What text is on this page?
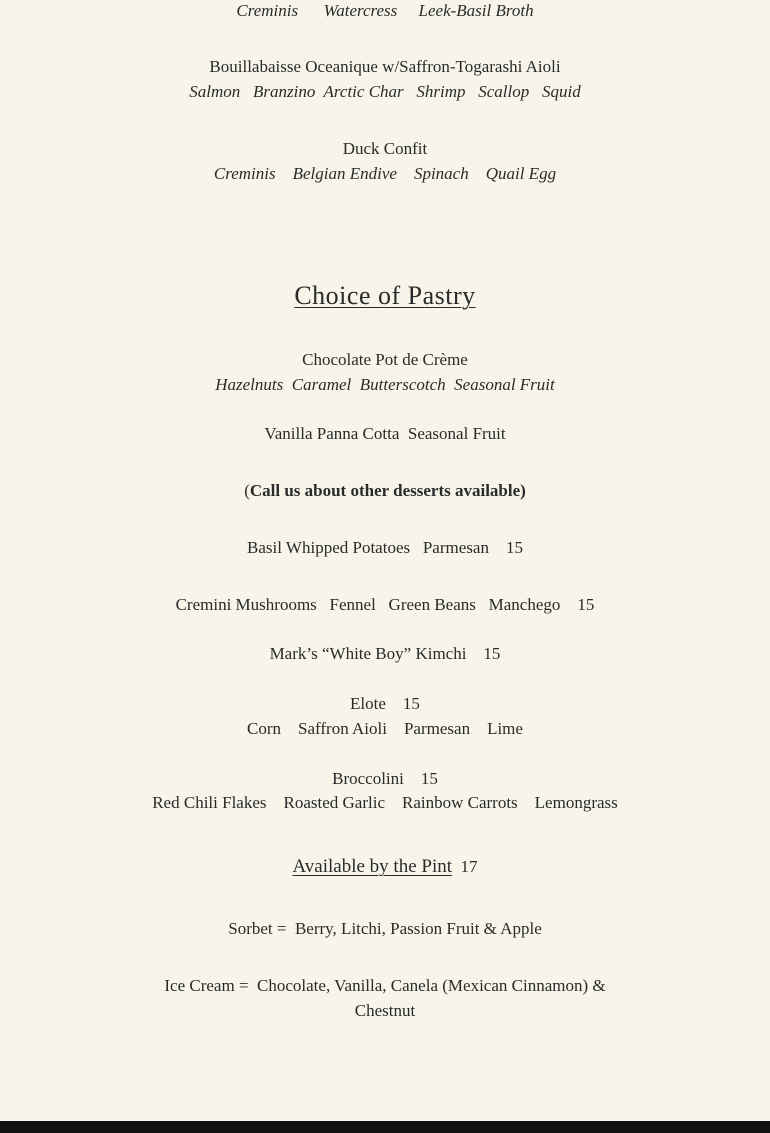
Creminis      Watercress     Leek-Basil Broth
Bouillabaisse Oceanique w/Saffron-Togarashi Aioli
Salmon   Branzino  Arctic Char   Shrimp   Scallop   Squid
Duck Confit
Creminis    Belgian Endive    Spinach    Quail Egg
Choice of Pastry
Chocolate Pot de Crème
Hazelnuts  Caramel  Butterscotch  Seasonal Fruit
Vanilla Panna Cotta  Seasonal Fruit
(Call us about other desserts available)
Basil Whipped Potatoes   Parmesan    15
Cremini Mushrooms   Fennel   Green Beans   Manchego    15
Mark’s “White Boy” Kimchi    15
Elote    15
Corn    Saffron Aioli    Parmesan    Lime
Broccolini    15
Red Chili Flakes    Roasted Garlic    Rainbow Carrots    Lemongrass
Available by the Pint  17
Sorbet =  Berry, Litchi, Passion Fruit & Apple
Ice Cream =  Chocolate, Vanilla, Canela (Mexican Cinnamon) &
Chestnut
